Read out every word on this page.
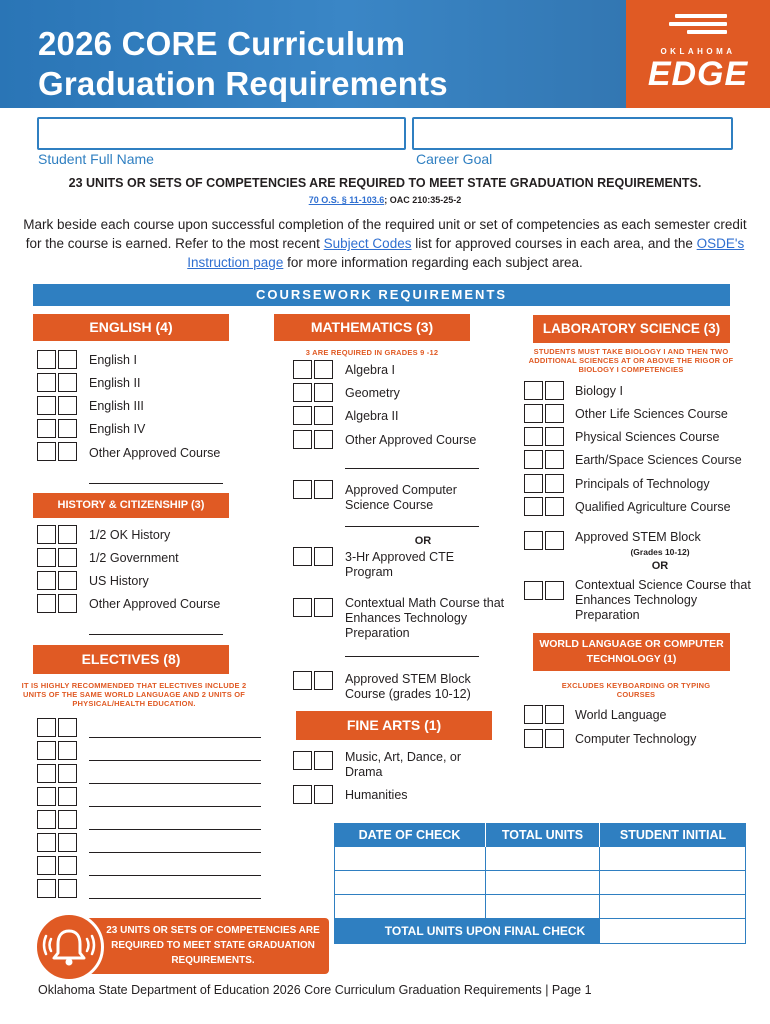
2026 CORE Curriculum
Graduation Requirements
OKLAHOMA
EDGE
Student Full Name	Career Goal
23 UNITS OR SETS OF COMPETENCIES ARE REQUIRED TO MEET STATE GRADUATION REQUIREMENTS.
70 O.S. § 11-103.6; OAC 210:35-25-2
Mark beside each course upon successful completion of the required unit or set of competencies as each semester credit for the course is earned. Refer to the most recent Subject Codes list for approved courses in each area, and the OSDE's Instruction page for more information regarding each subject area.
COURSEWORK REQUIREMENTS
ENGLISH (4)
English I
English II
English III
English IV
Other Approved Course
HISTORY & CITIZENSHIP (3)
1/2 OK History
1/2 Government
US History
Other Approved Course
ELECTIVES (8)
IT IS HIGHLY RECOMMENDED THAT ELECTIVES INCLUDE 2 UNITS OF THE SAME WORLD LANGUAGE AND 2 UNITS OF PHYSICAL/HEALTH EDUCATION.
MATHEMATICS (3)
3 ARE REQUIRED IN GRADES 9 -12
Algebra I
Geometry
Algebra II
Other Approved Course
Approved Computer Science Course
OR
3-Hr Approved CTE Program
Contextual Math Course that Enhances Technology Preparation
Approved STEM Block Course (grades 10-12)
FINE ARTS (1)
Music, Art, Dance, or Drama
Humanities
LABORATORY SCIENCE (3)
STUDENTS MUST TAKE BIOLOGY I AND THEN TWO ADDITIONAL SCIENCES AT OR ABOVE THE RIGOR OF BIOLOGY I COMPETENCIES
Biology I
Other Life Sciences Course
Physical Sciences Course
Earth/Space Sciences Course
Principals of Technology
Qualified Agriculture Course
Approved STEM Block
(Grades 10-12)
OR
Contextual Science Course that Enhances Technology Preparation
WORLD LANGUAGE OR COMPUTER TECHNOLOGY (1)
EXCLUDES KEYBOARDING OR TYPING COURSES
World Language
Computer Technology
DATE OF CHECK	TOTAL UNITS	STUDENT INITIAL
TOTAL UNITS UPON FINAL CHECK
23 UNITS OR SETS OF COMPETENCIES ARE REQUIRED TO MEET STATE GRADUATION REQUIREMENTS.
Oklahoma State Department of Education 2026 Core Curriculum Graduation Requirements | Page 1
